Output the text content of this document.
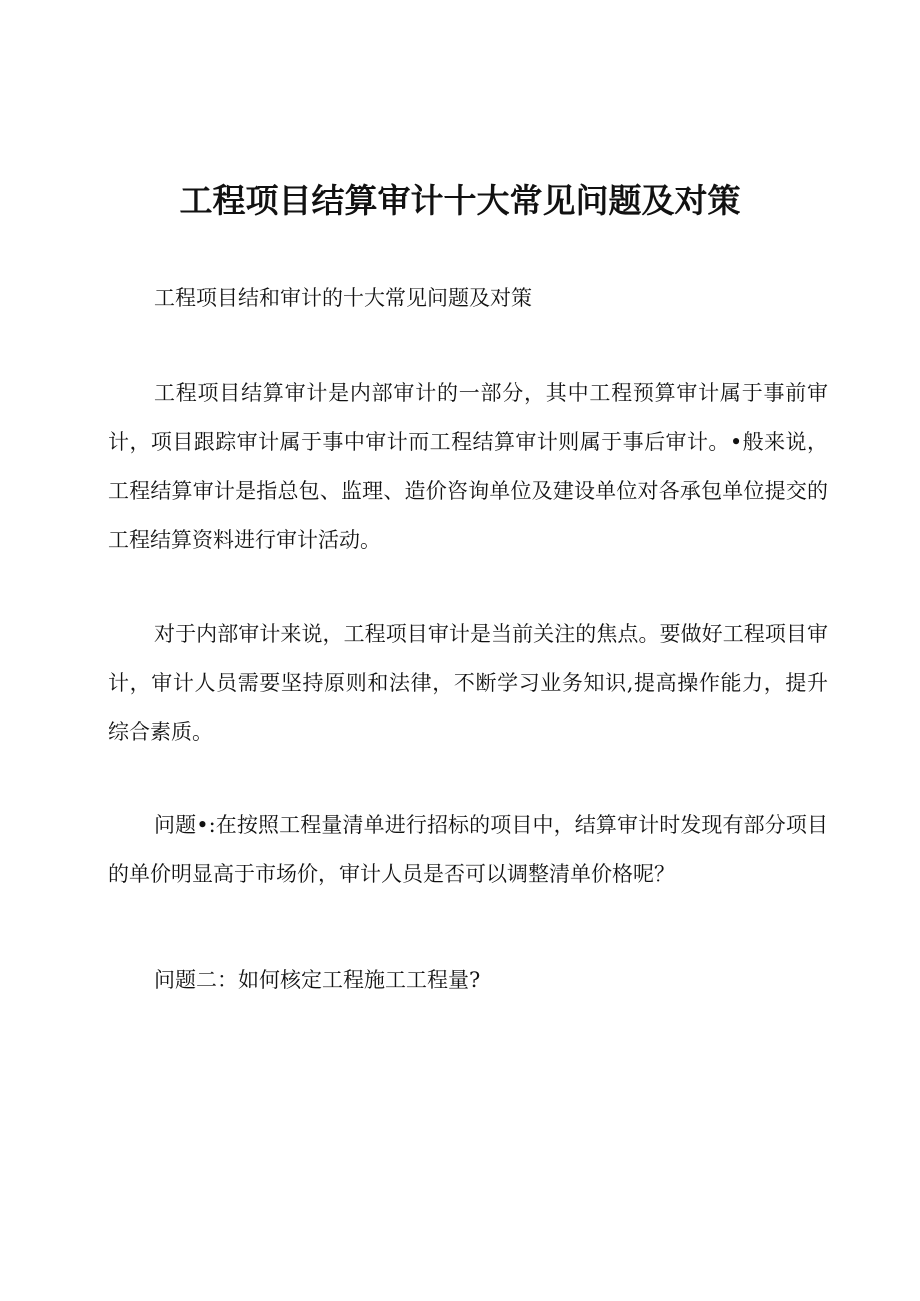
工程项目结算审计十大常见问题及对策

工程项目结和审计的十大常见问题及对策

工程项目结算审计是内部审计的一部分，其中工程预算审计属于事前审计，项目跟踪审计属于事中审计而工程结算审计则属于事后审计。•般来说，工程结算审计是指总包、监理、造价咨询单位及建设单位对各承包单位提交的工程结算资料进行审计活动。

对于内部审计来说，工程项目审计是当前关注的焦点。要做好工程项目审计，审计人员需要坚持原则和法律，不断学习业务知识,提高操作能力，提升综合素质。

问题•:在按照工程量清单进行招标的项目中，结算审计时发现有部分项目的单价明显高于市场价，审计人员是否可以调整清单价格呢？

问题二：如何核定工程施工工程量?
